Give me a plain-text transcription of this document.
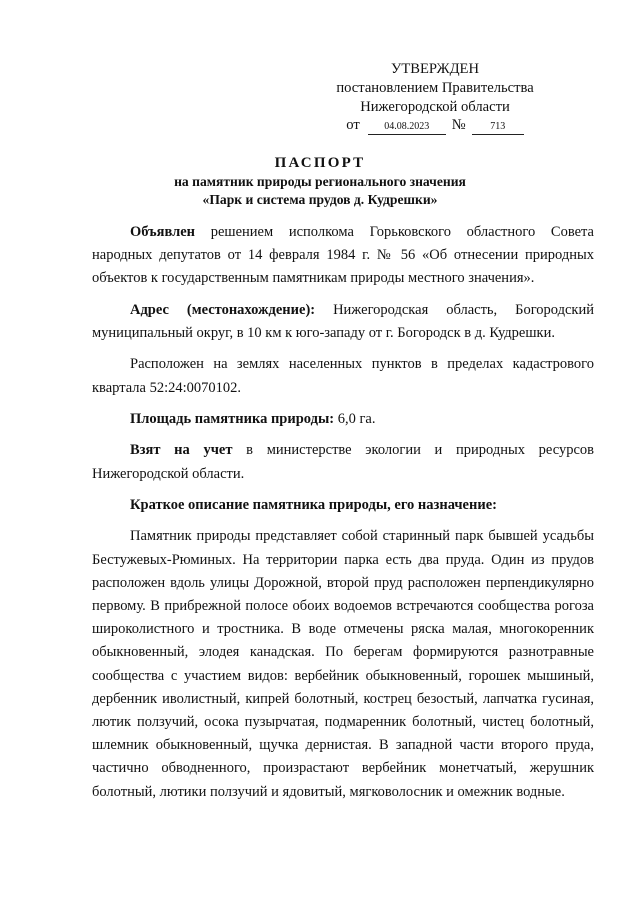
УТВЕРЖДЕН
постановлением Правительства
Нижегородской области
от	04.08.2023	№	713
ПАСПОРТ
на памятник природы регионального значения
«Парк и система прудов д. Кудрешки»

Объявлен решением исполкома Горьковского областного Совета народных депутатов от 14 февраля 1984 г. № 56 «Об отнесении природных объектов к государственным памятникам природы местного значения».

Адрес (местонахождение): Нижегородская область, Богородский муниципальный округ, в 10 км к юго-западу от г. Богородск в д. Кудрешки.

Расположен на землях населенных пунктов в пределах кадастрового квартала 52:24:0070102.

Площадь памятника природы: 6,0 га.

Взят на учет в министерстве экологии и природных ресурсов Нижегородской области.

Краткое описание памятника природы, его назначение:

Памятник природы представляет собой старинный парк бывшей усадьбы Бестужевых-Рюминых. На территории парка есть два пруда. Один из прудов расположен вдоль улицы Дорожной, второй пруд расположен перпендикулярно первому. В прибрежной полосе обоих водоемов встречаются сообщества рогоза широколистного и тростника. В воде отмечены ряска малая, многокоренник обыкновенный, элодея канадская. По берегам формируются разнотравные сообщества с участием видов: вербейник обыкновенный, горошек мышиный, дербенник иволистный, кипрей болотный, кострец безостый, лапчатка гусиная, лютик ползучий, осока пузырчатая, подмаренник болотный, чистец болотный, шлемник обыкновенный, щучка дернистая. В западной части второго пруда, частично обводненного, произрастают вербейник монетчатый, жерушник болотный, лютики ползучий и ядовитый, мягковолосник и омежник водные.
